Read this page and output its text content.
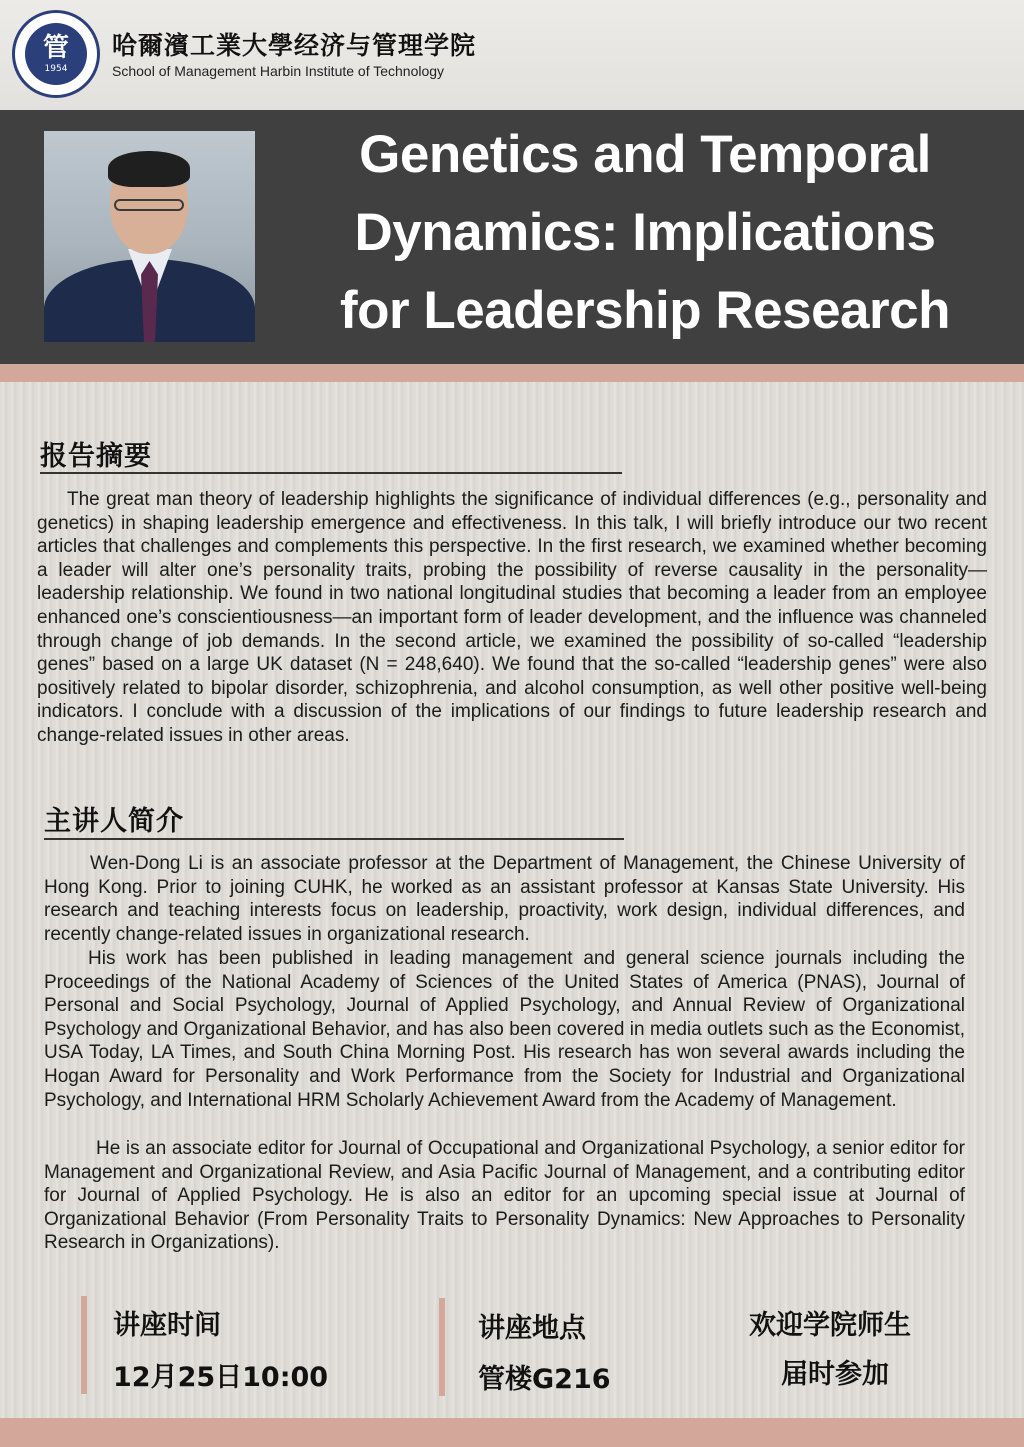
管
1954
哈爾濱工業大學经济与管理学院
School of Management Harbin Institute of Technology
Genetics and Temporal
Dynamics: Implications
for Leadership Research
报告摘要

The great man theory of leadership highlights the significance of individual differences (e.g., personality and genetics) in shaping leadership emergence and effectiveness. In this talk, I will briefly introduce our two recent articles that challenges and complements this perspective. In the first research, we examined whether becoming a leader will alter one’s personality traits, probing the possibility of reverse causality in the personality—leadership relationship. We found in two national longitudinal studies that becoming a leader from an employee enhanced one’s conscientiousness—an important form of leader development, and the influence was channeled through change of job demands. In the second article, we examined the possibility of so-called “leadership genes” based on a large UK dataset (N = 248,640). We found that the so-called “leadership genes” were also positively related to bipolar disorder, schizophrenia, and alcohol consumption, as well other positive well-being indicators. I conclude with a discussion of the implications of our findings to future leadership research and change-related issues in other areas.

主讲人简介

Wen-Dong Li is an associate professor at the Department of Management, the Chinese University of Hong Kong. Prior to joining CUHK, he worked as an assistant professor at Kansas State University. His research and teaching interests focus on leadership, proactivity, work design, individual differences, and recently change-related issues in organizational research.

His work has been published in leading management and general science journals including the Proceedings of the National Academy of Sciences of the United States of America (PNAS), Journal of Personal and Social Psychology, Journal of Applied Psychology, and Annual Review of Organizational Psychology and Organizational Behavior, and has also been covered in media outlets such as the Economist, USA Today, LA Times, and South China Morning Post. His research has won several awards including the Hogan Award for Personality and Work Performance from the Society for Industrial and Organizational Psychology, and International HRM Scholarly Achievement Award from the Academy of Management.

He is an associate editor for Journal of Occupational and Organizational Psychology, a senior editor for Management and Organizational Review, and Asia Pacific Journal of Management, and a contributing editor for Journal of Applied Psychology. He is also an editor for an upcoming special issue at Journal of Organizational Behavior (From Personality Traits to Personality Dynamics: New Approaches to Personality Research in Organizations).

讲座时间
12月25日10:00
讲座地点
管楼G216
欢迎学院师生
届时参加
